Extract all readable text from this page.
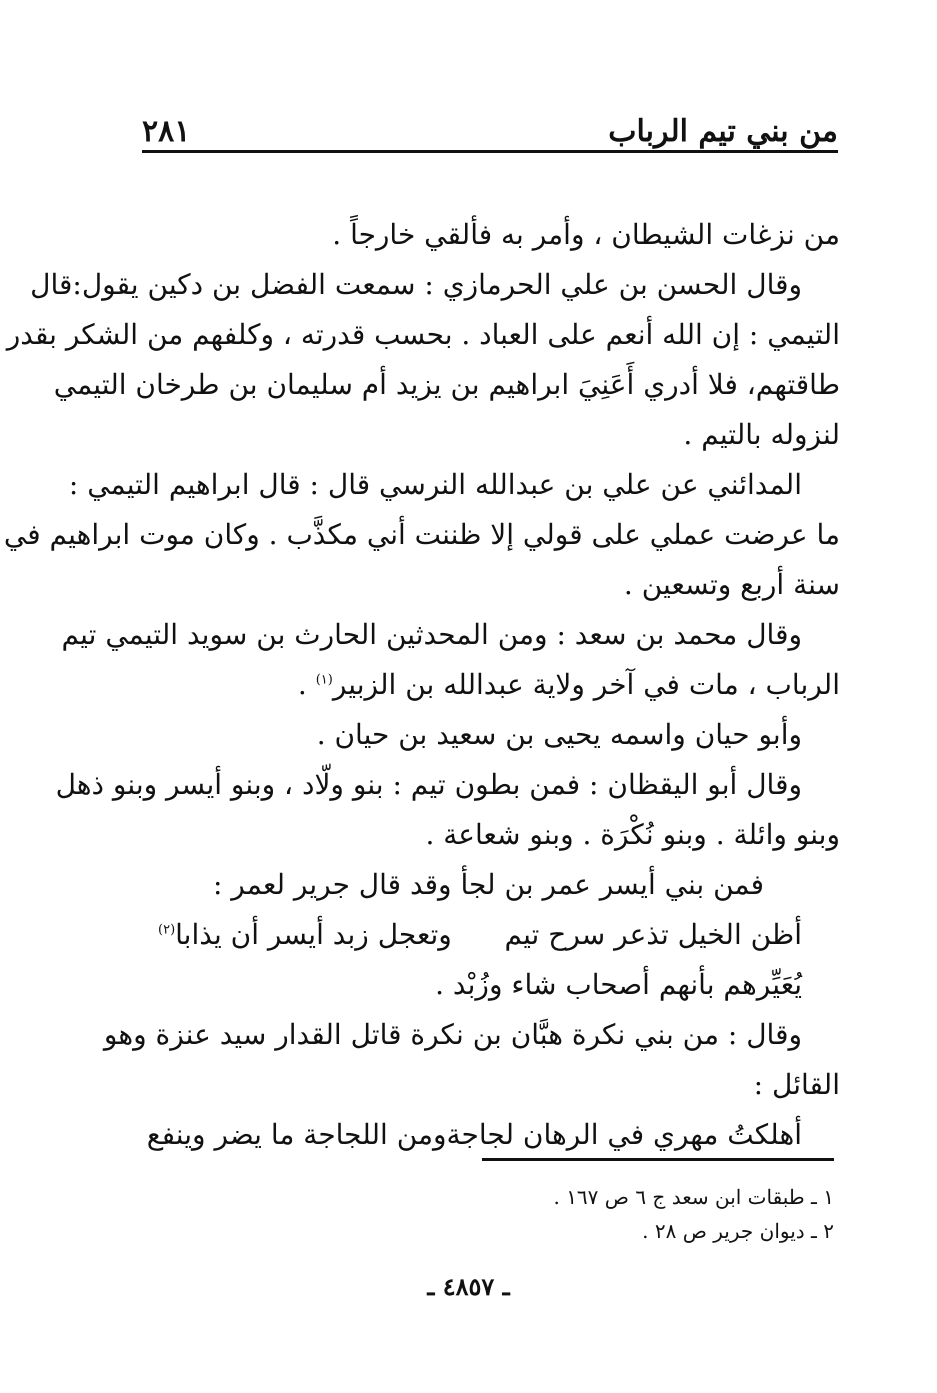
من بني تيم الرباب
٢٨١

من نزغات الشيطان ، وأمر به فألقي خارجاً .

وقال الحسن بن علي الحرمازي : سمعت الفضل بن دكين يقول:قال
التيمي : إن الله أنعم على العباد . بحسب قدرته ، وكلفهم من الشكر بقدر
طاقتهم، فلا أدري أَعَنِيَ ابراهيم بن يزيد أم سليمان بن طرخان التيمي
لنزوله بالتيم .

المدائني عن علي بن عبدالله النرسي قال : قال ابراهيم التيمي :
ما عرضت عملي على قولي إلا ظننت أني مكذَّب . وكان موت ابراهيم في
سنة أربع وتسعين .

وقال محمد بن سعد : ومن المحدثين الحارث بن سويد التيمي تيم
الرباب ، مات في آخر ولاية عبدالله بن الزبير$^{(١)}$ .

وأبو حيان واسمه يحيى بن سعيد بن حيان .

وقال أبو اليقظان : فمن بطون تيم : بنو ولّاد ، وبنو أيسر وبنو ذهل
وبنو وائلة . وبنو نُكْرَة . وبنو شعاعة .

فمن بني أيسر عمر بن لجأ وقد قال جرير لعمر :

أظن الخيل تذعر سرح تيم
وتعجل زبد أيسر أن يذابا$^{(٢)}$
يُعَيِّرهم بأنهم أصحاب شاء وزُبْد .

وقال : من بني نكرة هبَّان بن نكرة قاتل القدار سيد عنزة وهو
القائل :

أهلكتُ مهري في الرهان لجاجة
ومن اللجاجة ما يضر وينفع
١ ـ طبقات ابن سعد ج ٦ ص ١٦٧ .
٢ ـ ديوان جرير ص ٢٨ .
ـ ٤٨٥٧ ـ
